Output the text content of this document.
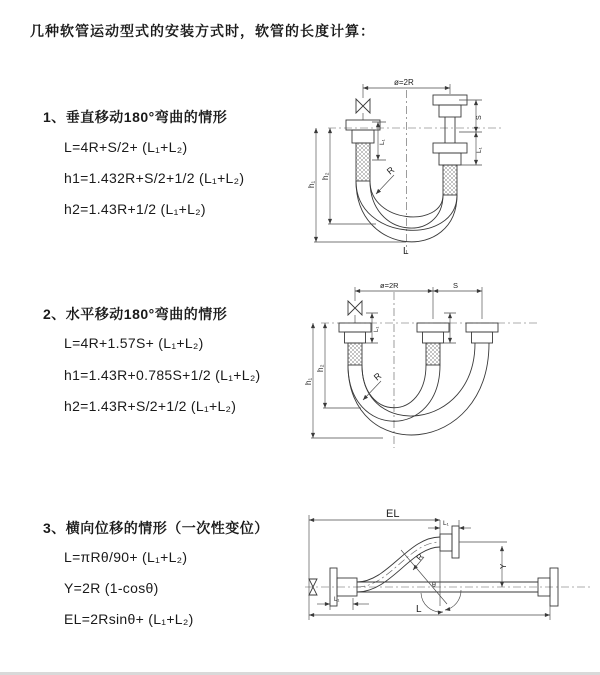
几种软管运动型式的安装方式时，软管的长度计算：
1、垂直移动180°弯曲的情形
L=4R+S/2+ (L₁+L₂)
h1=1.432R+S/2+1/2 (L₁+L₂)
h2=1.43R+1/2 (L₁+L₂)
2、水平移动180°弯曲的情形
L=4R+1.57S+ (L₁+L₂)
h1=1.43R+0.785S+1/2 (L₁+L₂)
h2=1.43R+S/2+1/2 (L₁+L₂)
3、横向位移的情形（一次性变位）
L=πRθ/90+ (L₁+L₂)
Y=2R (1-cosθ)
EL=2Rsinθ+ (L₁+L₂)
ø=2R
h₁
h₂
L₁
S
L₁
R
L
ø=2R	S
h₁
h₂
L₁
R
EL
L₁
Y
R
θ
L
L₁
